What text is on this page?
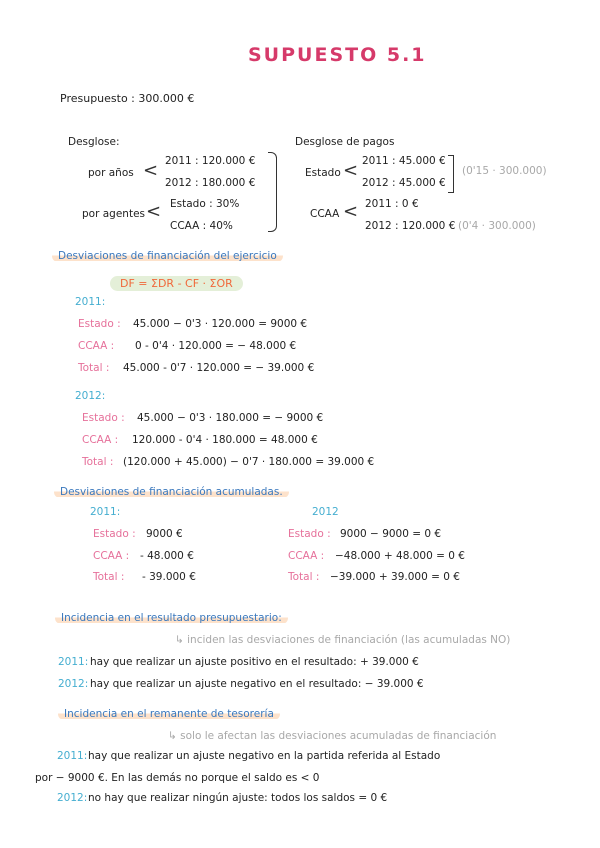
SUPUESTO 5.1
Presupuesto : 300.000 €
Desglose:
por años < 2011 : 120.000 €
2012 : 180.000 €
por agentes < Estado : 30%
CCAA : 40%
Desglose de pagos
Estado < 2011 : 45.000 €
2012 : 45.000 €
(0'15 · 300.000)
CCAA < 2011 : 0 €
2012 : 120.000 € (0'4 · 300.000)
Desviaciones de financiación del ejercicio
DF = ΣDR - CF · ΣOR
2011:
Estado : 45.000 − 0'3 · 120.000 = 9000 €
CCAA : 0 - 0'4 · 120.000 = − 48.000 €
Total : 45.000 - 0'7 · 120.000 = − 39.000 €
2012:
Estado : 45.000 − 0'3 · 180.000 = − 9000 €
CCAA : 120.000 - 0'4 · 180.000 = 48.000 €
Total : (120.000 + 45.000) − 0'7 · 180.000 = 39.000 €
Desviaciones de financiación acumuladas.
2011:
Estado : 9000 €
CCAA : - 48.000 €
Total : - 39.000 €
2012
Estado : 9000 − 9000 = 0 €
CCAA : −48.000 + 48.000 = 0 €
Total : −39.000 + 39.000 = 0 €
Incidencia en el resultado presupuestario:
↳ inciden las desviaciones de financiación (las acumuladas NO)
2011: hay que realizar un ajuste positivo en el resultado: + 39.000 €
2012: hay que realizar un ajuste negativo en el resultado: − 39.000 €
Incidencia en el remanente de tesorería
↳ solo le afectan las desviaciones acumuladas de financiación
2011: hay que realizar un ajuste negativo en la partida referida al Estado
por − 9000 €. En las demás no porque el saldo es < 0
2012: no hay que realizar ningún ajuste: todos los saldos = 0 €
